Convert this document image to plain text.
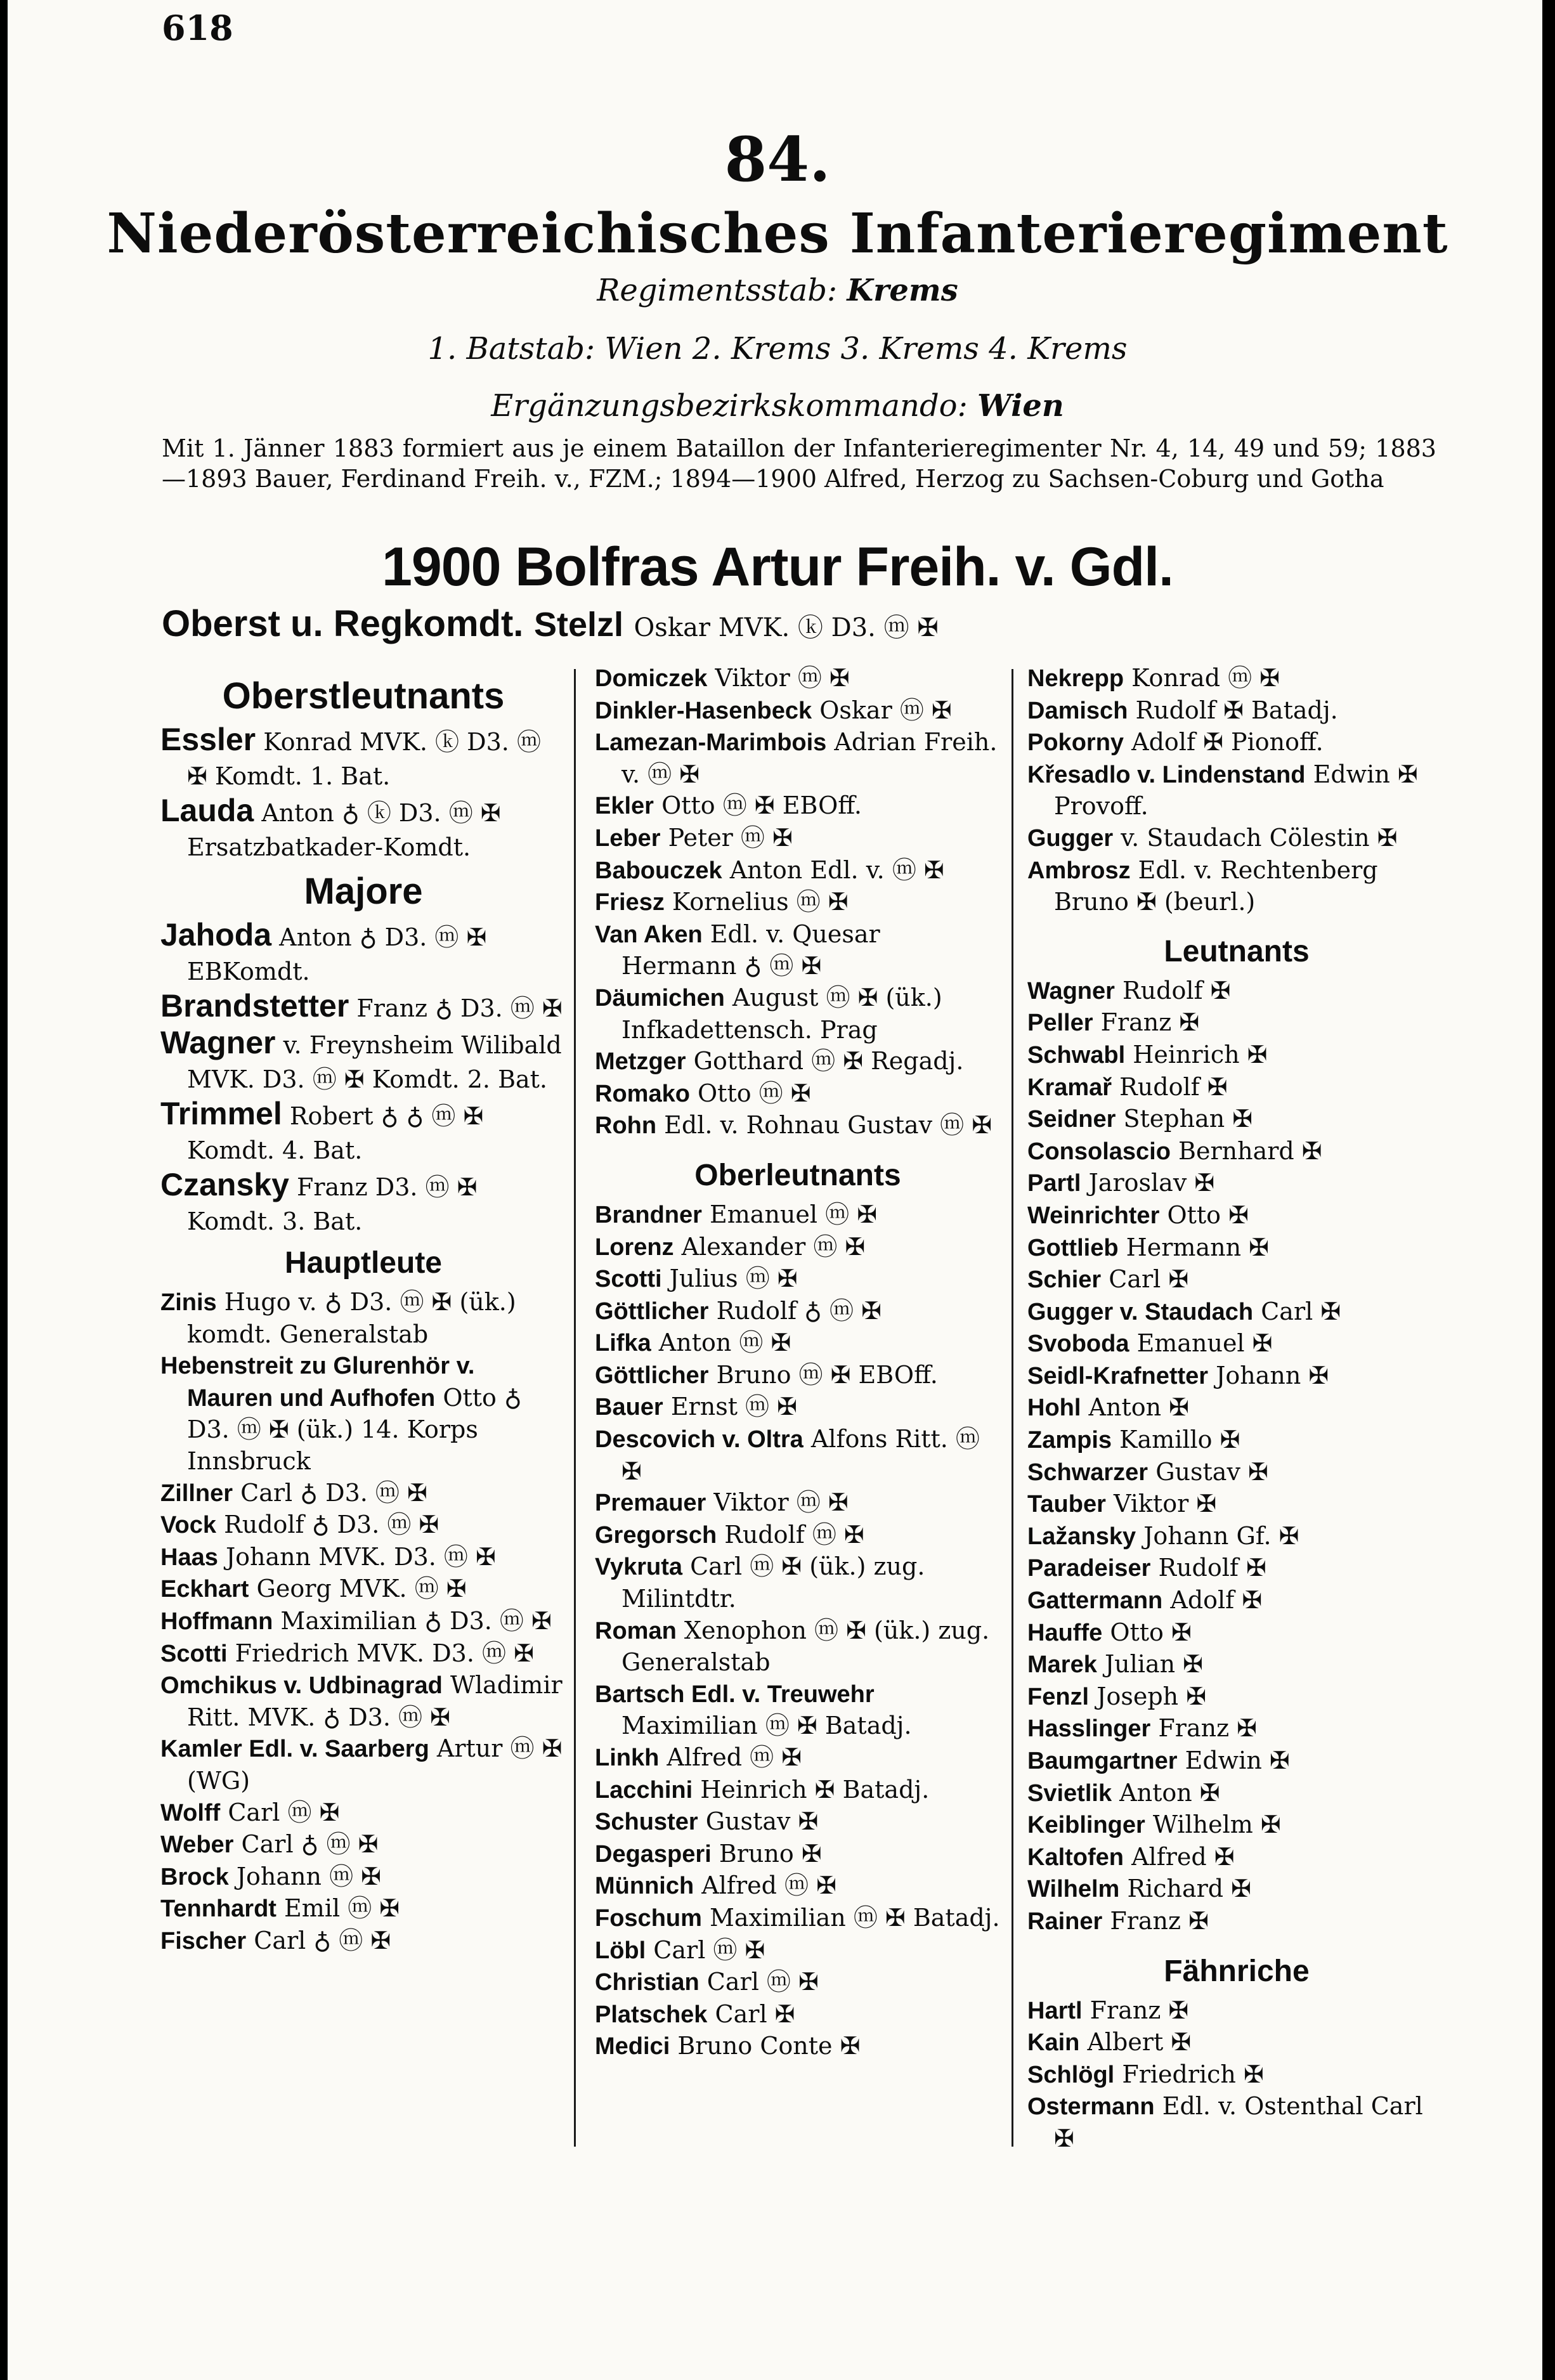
618
84.
Niederösterreichisches Infanterieregiment
Regimentsstab: Krems
1. Batstab: Wien 2. Krems 3. Krems 4. Krems
Ergänzungsbezirkskommando: Wien
Mit 1. Jänner 1883 formiert aus je einem Bataillon der Infanterieregimenter Nr. 4, 14, 49 und 59; 1883—1893 Bauer, Ferdinand Freih. v., FZM.; 1894—1900 Alfred, Herzog zu Sachsen-Coburg und Gotha
1900 Bolfras Artur Freih. v. Gdl.
Oberst u. Regkomdt. Stelzl Oskar MVK. ⓚ D3. ⓜ ✠
Oberstleutnants
Essler Konrad MVK. ⓚ D3. ⓜ ✠ Komdt. 1. Bat.
Lauda Anton ♁ ⓚ D3. ⓜ ✠ Ersatzbatkader-Komdt.
Majore
Jahoda Anton ♁ D3. ⓜ ✠ EBKomdt.
Brandstetter Franz ♁ D3. ⓜ ✠
Wagner v. Freynsheim Wilibald MVK. D3. ⓜ ✠ Komdt. 2. Bat.
Trimmel Robert ♁ ♁ ⓜ ✠ Komdt. 4. Bat.
Czansky Franz D3. ⓜ ✠ Komdt. 3. Bat.
Hauptleute
Zinis Hugo v. ♁ D3. ⓜ ✠ (ük.) komdt. Generalstab
Hebenstreit zu Glurenhör v. Mauren und Aufhofen Otto ♁ D3. ⓜ ✠ (ük.) 14. Korps Innsbruck
Zillner Carl ♁ D3. ⓜ ✠
Vock Rudolf ♁ D3. ⓜ ✠
Haas Johann MVK. D3. ⓜ ✠
Eckhart Georg MVK. ⓜ ✠
Hoffmann Maximilian ♁ D3. ⓜ ✠
Scotti Friedrich MVK. D3. ⓜ ✠
Omchikus v. Udbinagrad Wladimir Ritt. MVK. ♁ D3. ⓜ ✠
Kamler Edl. v. Saarberg Artur ⓜ ✠ (WG)
Wolff Carl ⓜ ✠
Weber Carl ♁ ⓜ ✠
Brock Johann ⓜ ✠
Tennhardt Emil ⓜ ✠
Fischer Carl ♁ ⓜ ✠
Domiczek Viktor ⓜ ✠
Dinkler-Hasenbeck Oskar ⓜ ✠
Lamezan-Marimbois Adrian Freih. v. ⓜ ✠
Ekler Otto ⓜ ✠ EBOff.
Leber Peter ⓜ ✠
Babouczek Anton Edl. v. ⓜ ✠
Friesz Kornelius ⓜ ✠
Van Aken Edl. v. Quesar Hermann ♁ ⓜ ✠
Däumichen August ⓜ ✠ (ük.) Infkadettensch. Prag
Metzger Gotthard ⓜ ✠ Regadj.
Romako Otto ⓜ ✠
Rohn Edl. v. Rohnau Gustav ⓜ ✠
Oberleutnants
Brandner Emanuel ⓜ ✠
Lorenz Alexander ⓜ ✠
Scotti Julius ⓜ ✠
Göttlicher Rudolf ♁ ⓜ ✠
Lifka Anton ⓜ ✠
Göttlicher Bruno ⓜ ✠ EBOff.
Bauer Ernst ⓜ ✠
Descovich v. Oltra Alfons Ritt. ⓜ ✠
Premauer Viktor ⓜ ✠
Gregorsch Rudolf ⓜ ✠
Vykruta Carl ⓜ ✠ (ük.) zug. Milintdtr.
Roman Xenophon ⓜ ✠ (ük.) zug. Generalstab
Bartsch Edl. v. Treuwehr Maximilian ⓜ ✠ Batadj.
Linkh Alfred ⓜ ✠
Lacchini Heinrich ✠ Batadj.
Schuster Gustav ✠
Degasperi Bruno ✠
Münnich Alfred ⓜ ✠
Foschum Maximilian ⓜ ✠ Batadj.
Löbl Carl ⓜ ✠
Christian Carl ⓜ ✠
Platschek Carl ✠
Medici Bruno Conte ✠
Nekrepp Konrad ⓜ ✠
Damisch Rudolf ✠ Batadj.
Pokorny Adolf ✠ Pionoff.
Křesadlo v. Lindenstand Edwin ✠ Provoff.
Gugger v. Staudach Cölestin ✠
Ambrosz Edl. v. Rechtenberg Bruno ✠ (beurl.)
Leutnants
Wagner Rudolf ✠
Peller Franz ✠
Schwabl Heinrich ✠
Kramař Rudolf ✠
Seidner Stephan ✠
Consolascio Bernhard ✠
Partl Jaroslav ✠
Weinrichter Otto ✠
Gottlieb Hermann ✠
Schier Carl ✠
Gugger v. Staudach Carl ✠
Svoboda Emanuel ✠
Seidl-Krafnetter Johann ✠
Hohl Anton ✠
Zampis Kamillo ✠
Schwarzer Gustav ✠
Tauber Viktor ✠
Lažansky Johann Gf. ✠
Paradeiser Rudolf ✠
Gattermann Adolf ✠
Hauffe Otto ✠
Marek Julian ✠
Fenzl Joseph ✠
Hasslinger Franz ✠
Baumgartner Edwin ✠
Svietlik Anton ✠
Keiblinger Wilhelm ✠
Kaltofen Alfred ✠
Wilhelm Richard ✠
Rainer Franz ✠
Fähnriche
Hartl Franz ✠
Kain Albert ✠
Schlögl Friedrich ✠
Ostermann Edl. v. Ostenthal Carl ✠
